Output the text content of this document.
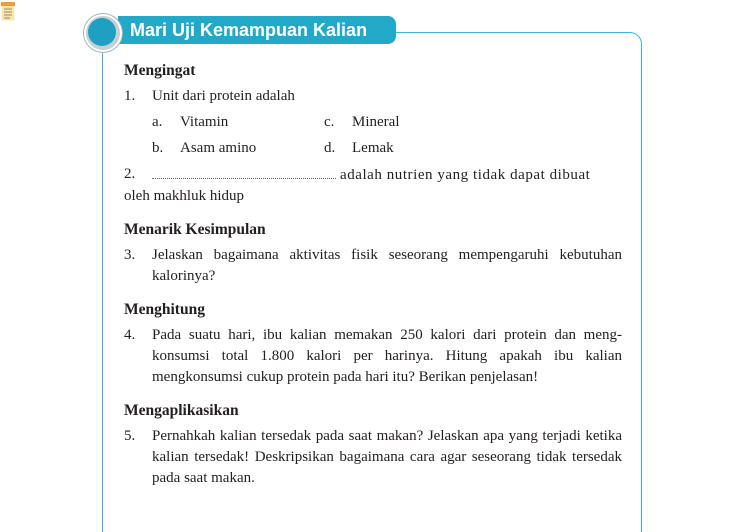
Mari Uji Kemampuan Kalian

Mengingat

1. Unit dari protein adalah

a. Vitamin	c. Mineral
b. Asam amino	d. Lemak

2.	adalah nutrien yang tidak dapat dibuat

oleh makhluk hidup

Menarik Kesimpulan

3. Jelaskan bagaimana aktivitas fisik seseorang mempengaruhi kebutuhan kalorinya?

Menghitung

4. Pada suatu hari, ibu kalian memakan 250 kalori dari protein dan meng-konsumsi total 1.800 kalori per harinya. Hitung apakah ibu kalian mengkonsumsi cukup protein pada hari itu? Berikan penjelasan!

Mengaplikasikan

5. Pernahkah kalian tersedak pada saat makan? Jelaskan apa yang terjadi ketika kalian tersedak! Deskripsikan bagaimana cara agar seseorang tidak tersedak pada saat makan.
